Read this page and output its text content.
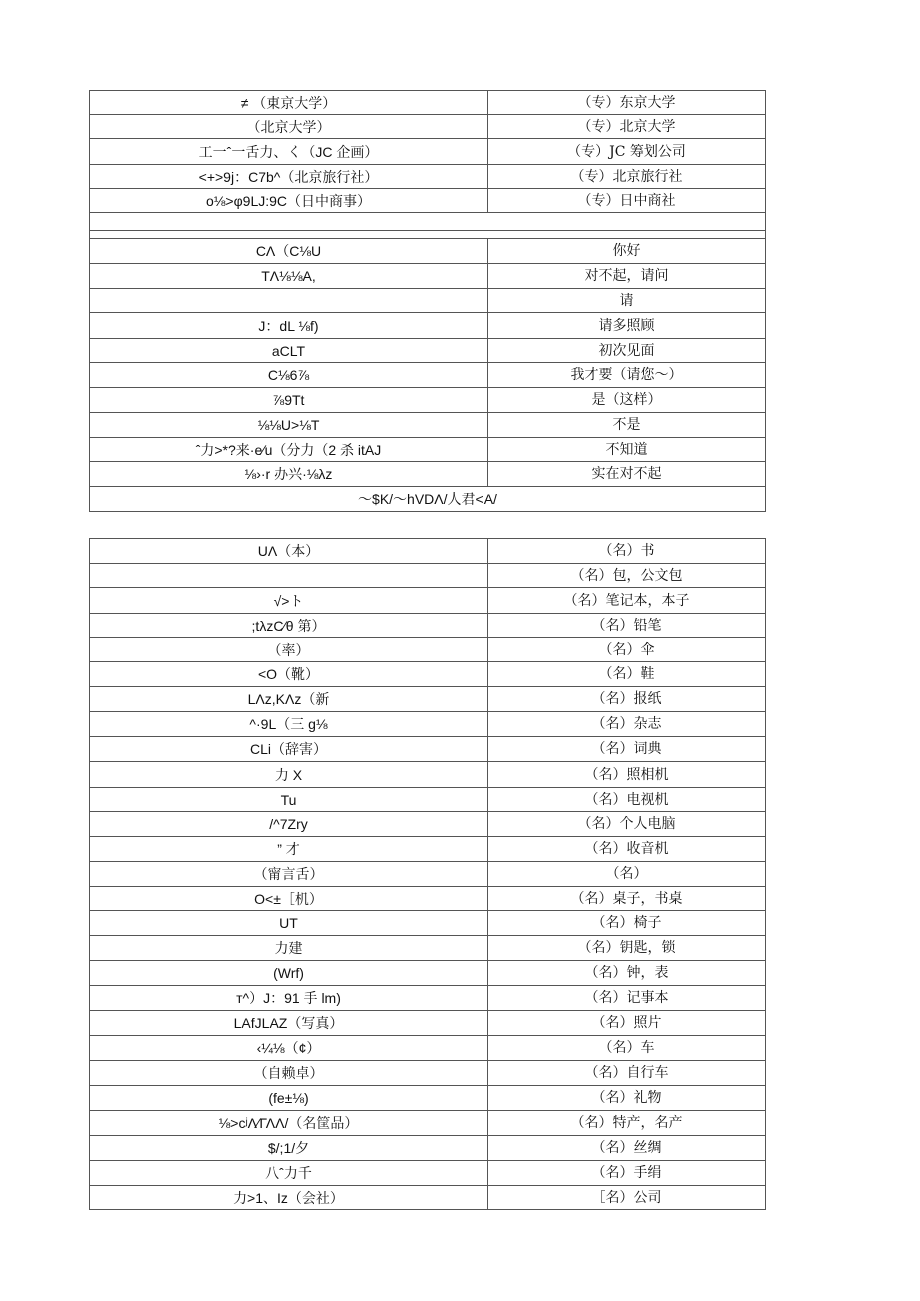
≠ （東京大学）	（专）东京大学
（北京大学）	（专）北京大学
工一ˆ一舌力、く（JC 企画）	（专）JC 筹划公司
<+>9j：C7b^（北京旅行社）	（专）北京旅行社
o⅛>φ9LJ:9C（日中商事）	（专）日中商社

CΛ（C⅛U	你好
TΛ⅛⅛A,	对不起，请问
	请
J：dL ⅛f)	请多照顾
aCLT	初次见面
C⅛6⅞	我才要（请您～）
⅞9Tt	是（这样）
⅛⅛U>⅛T	不是
ˆ力>*?来·e∕u（分力（2 杀 itAJ	不知道
⅛›·r 办兴·⅛λz	实在对不起
～$K/～hVDΛ/人君<A/	
UΛ（本）	（名）书
	（名）包，公文包
√>ト	（名）笔记本，本子
;tλzC∕θ 第）	（名）铅笔
（率）	（名）伞
<O（靴）	（名）鞋
LΛz,KΛz（新	（名）报纸
^·9L（三 g⅛	（名）杂志
CLi（辞害）	（名）词典
力 X	（名）照相机
Tu	（名）电视机
/^7Zry	（名）个人电脑
” 才	（名）收音机
（甯言舌）	（名）
O<±［机）	（名）桌子，书桌
UT	（名）椅子
力建	（名）钥匙，锁
(Wrf)	（名）钟，表
т^）J：91 手 lm)	（名）记事本
LAfJLAZ（写真）	（名）照片
‹¼⅛（¢）	（名）车
（自赖卓）	（名）自行车
(fe±⅛)	（名）礼物
⅛>cʲΛ∕ΓΛΛ/（名筐品）	（名）特产，名产
$/;1/夕	（名）丝绸
八ˆ力千	（名）手绢
力>1、Iz（会社）	［名）公司
